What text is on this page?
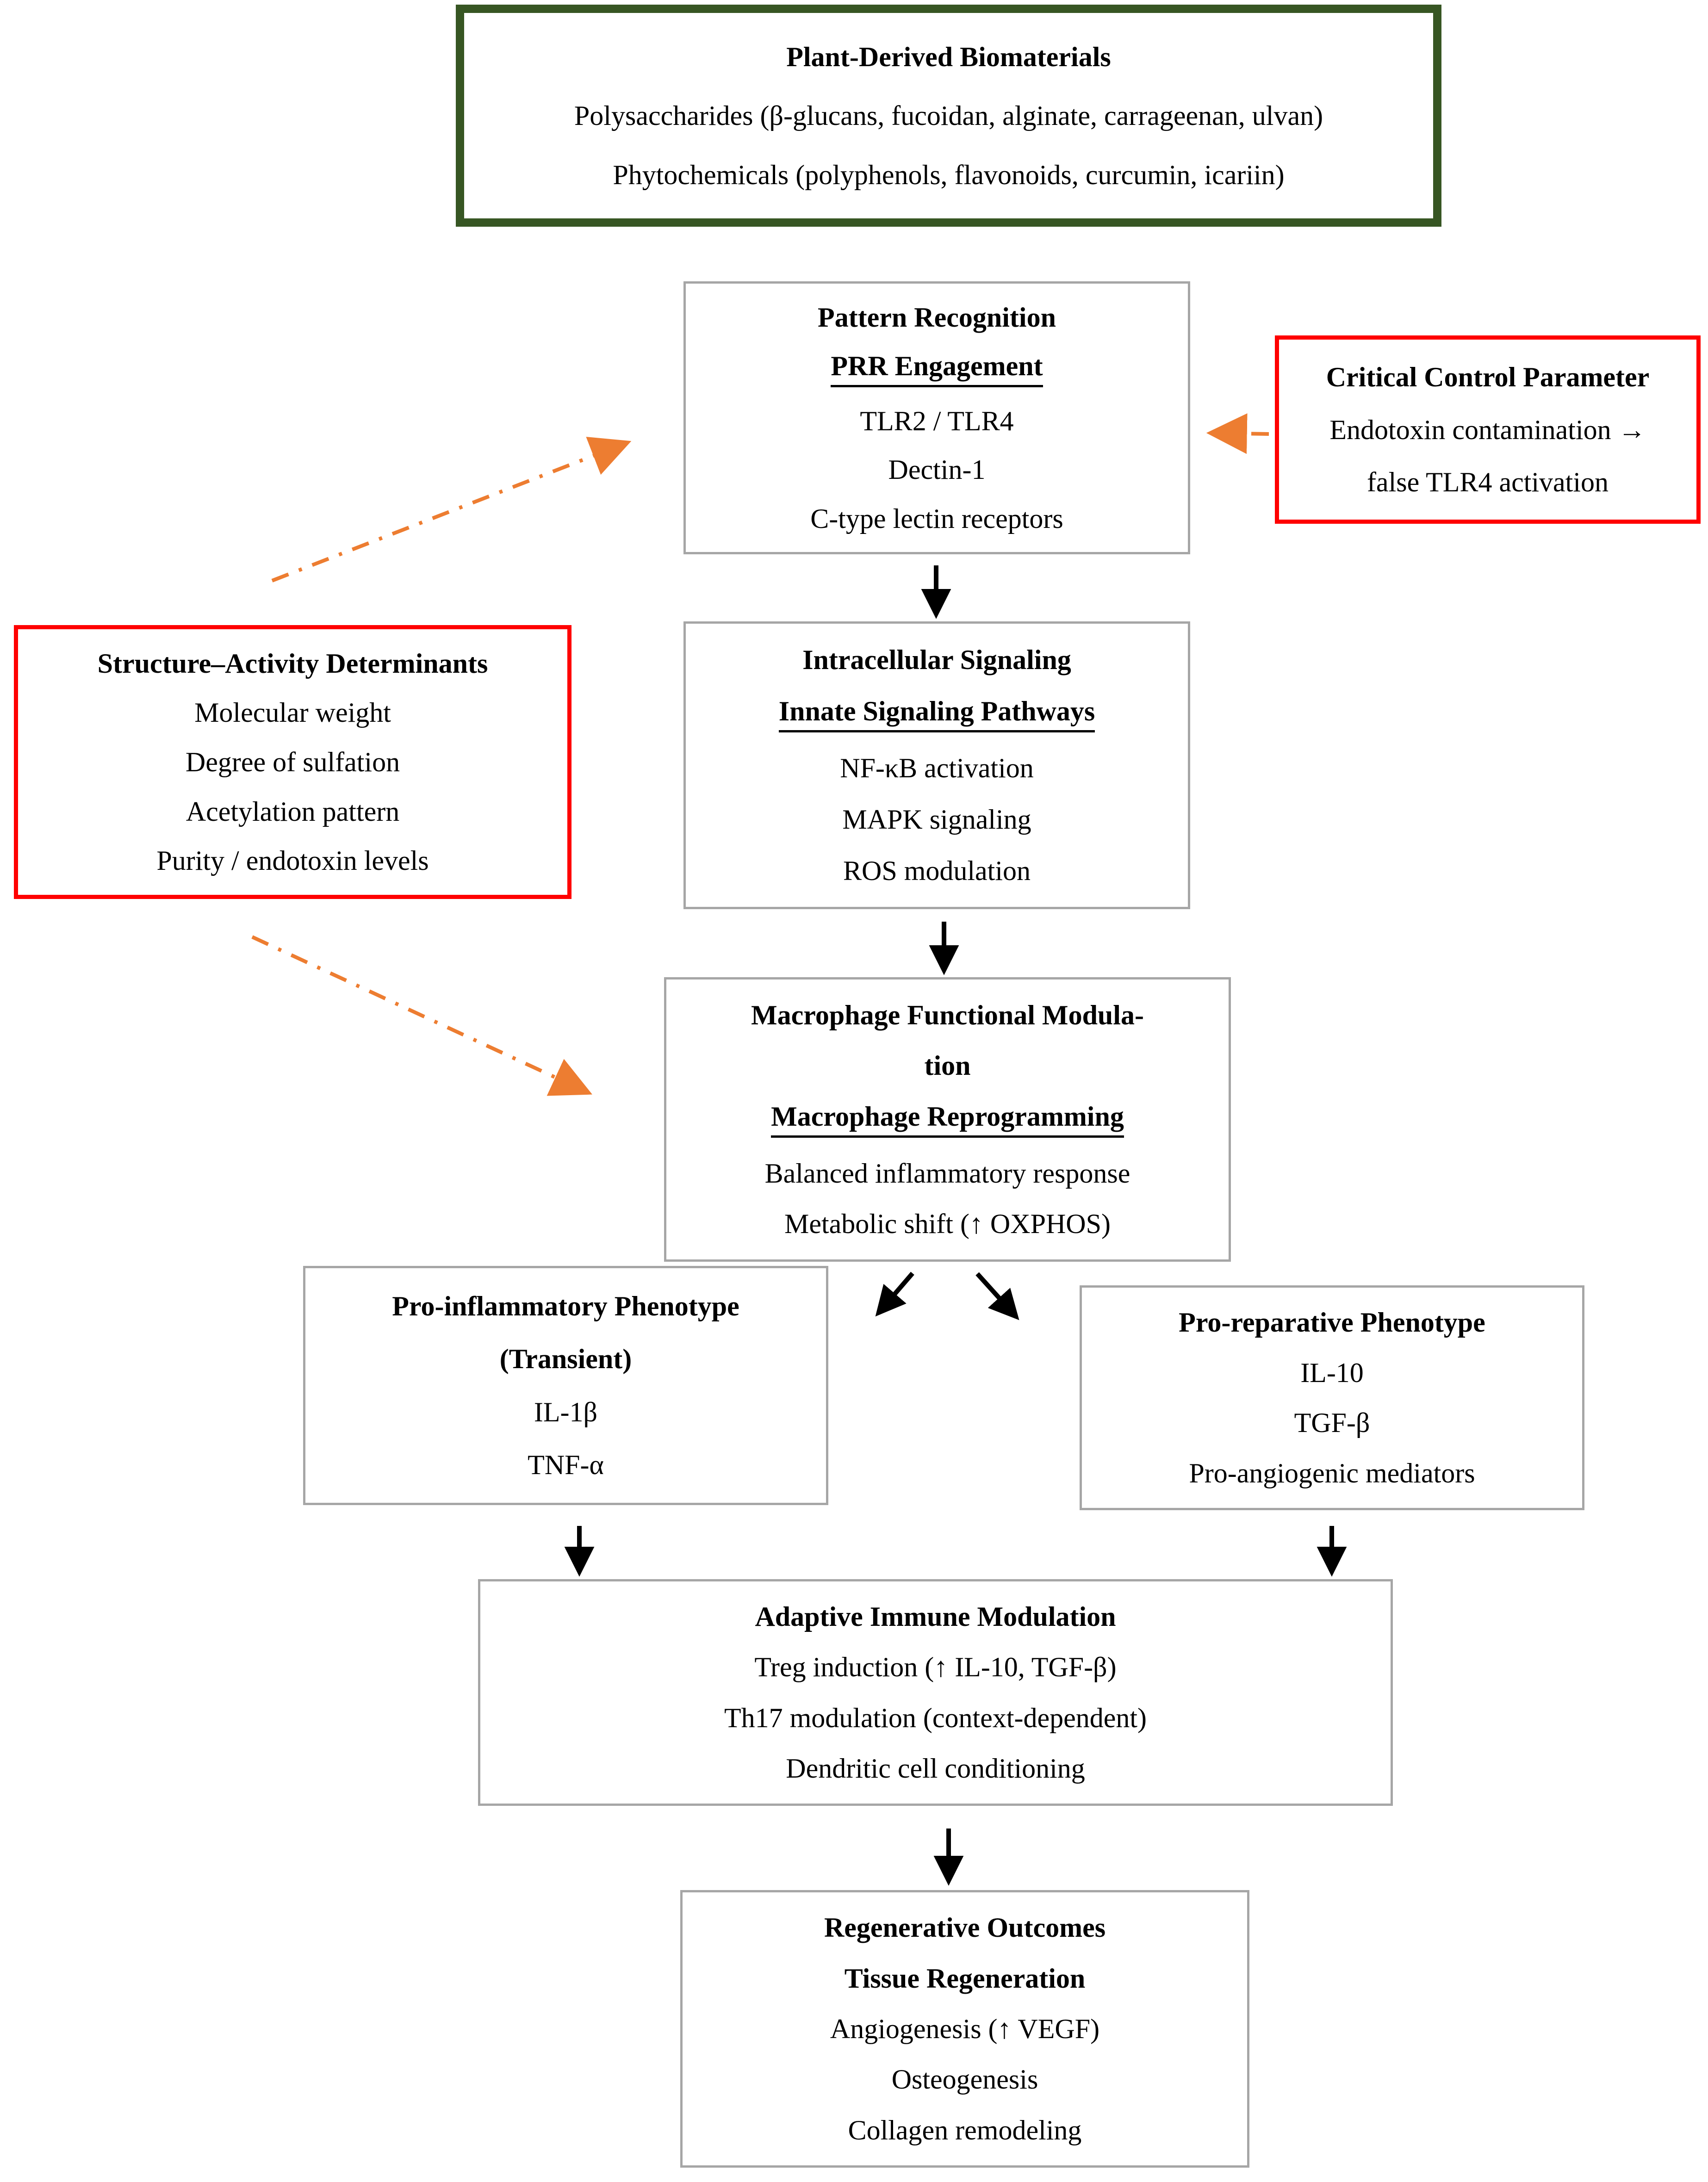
Plant-Derived Biomaterials
Polysaccharides (β-glucans, fucoidan, alginate, carrageenan, ulvan)
Phytochemicals (polyphenols, flavonoids, curcumin, icariin)
Pattern Recognition
PRR Engagement
TLR2 / TLR4
Dectin-1
C-type lectin receptors
Critical Control Parameter
Endotoxin contamination →
false TLR4 activation
Structure–Activity Determinants
Molecular weight
Degree of sulfation
Acetylation pattern
Purity / endotoxin levels
Intracellular Signaling
Innate Signaling Pathways
NF-κB activation
MAPK signaling
ROS modulation
Macrophage Functional Modula-
tion
Macrophage Reprogramming
Balanced inflammatory response
Metabolic shift (↑ OXPHOS)
Pro-inflammatory Phenotype
(Transient)
IL-1β
TNF-α
Pro-reparative Phenotype
IL-10
TGF-β
Pro-angiogenic mediators
Adaptive Immune Modulation
Treg induction (↑ IL-10, TGF-β)
Th17 modulation (context-dependent)
Dendritic cell conditioning
Regenerative Outcomes
Tissue Regeneration
Angiogenesis (↑ VEGF)
Osteogenesis
Collagen remodeling
